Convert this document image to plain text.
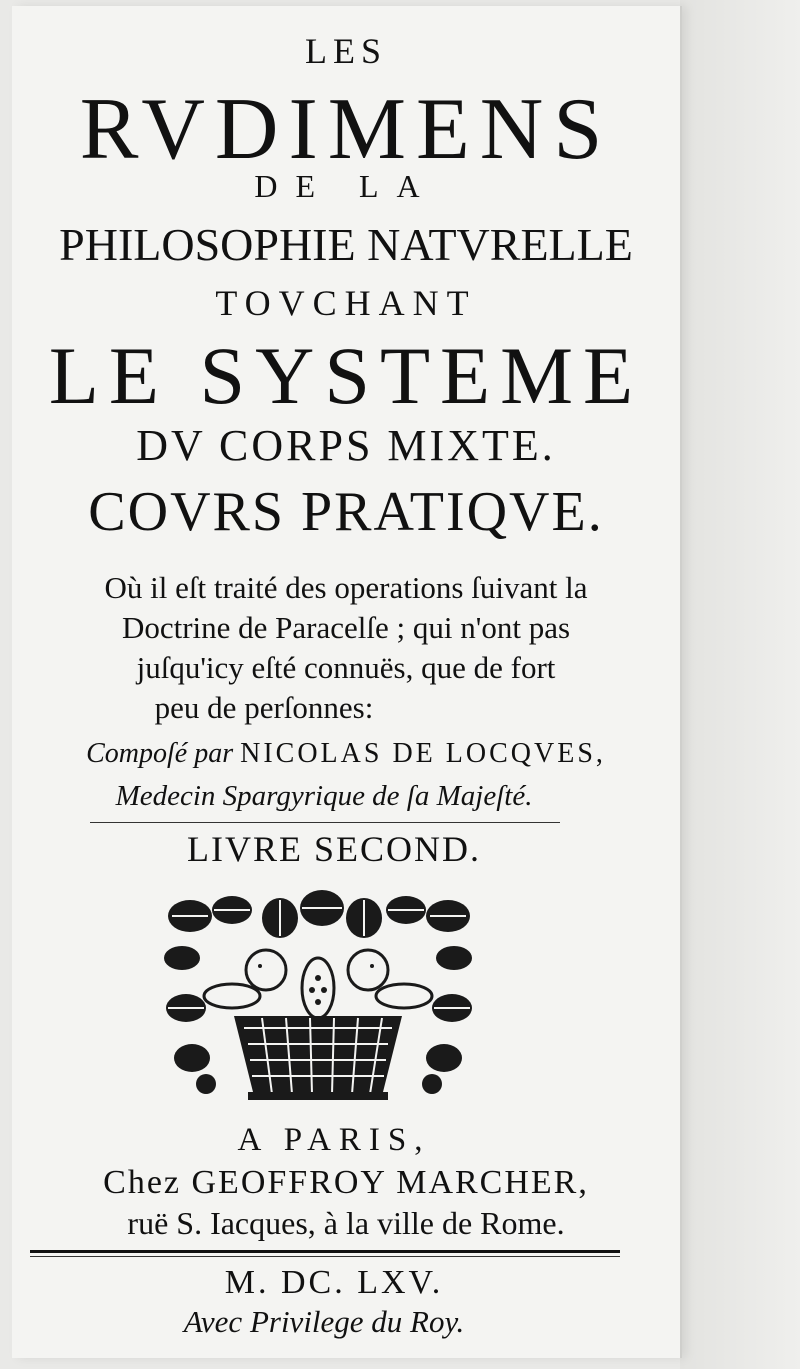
LES
RVDIMENS
DE LA
PHILOSOPHIE NATVRELLE
TOVCHANT
LE SYSTEME
DV CORPS MIXTE.
COVRS PRATIQVE.
Où il eſt traité des operations ſuivant la
Doctrine de Paracelſe ; qui n'ont pas
juſqu'icy eſté connuës, que de fort
peu de perſonnes:
Compoſé par NICOLAS DE LOCQVES,
Medecin Spargyrique de ſa Majeſté.
LIVRE SECOND.
A PARIS,
Chez GEOFFROY MARCHER,
ruë S. Iacques, à la ville de Rome.
M. DC. LXV.
Avec Privilege du Roy.
